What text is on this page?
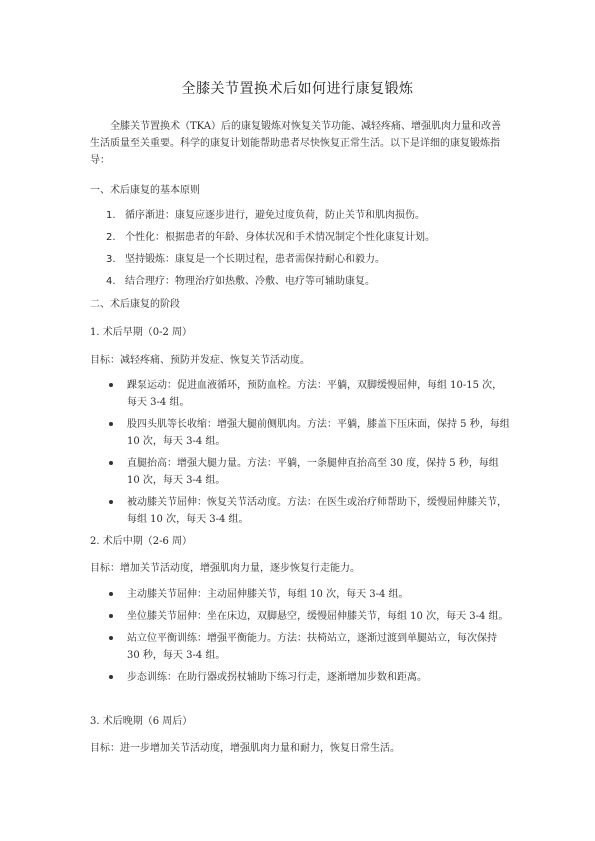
全膝关节置换术后如何进行康复锻炼
全膝关节置换术（TKA）后的康复锻炼对恢复关节功能、减轻疼痛、增强肌肉力量和改善生活质量至关重要。科学的康复计划能帮助患者尽快恢复正常生活。以下是详细的康复锻炼指导：
一、术后康复的基本原则
1. 循序渐进：康复应逐步进行，避免过度负荷，防止关节和肌肉损伤。
2. 个性化：根据患者的年龄、身体状况和手术情况制定个性化康复计划。
3. 坚持锻炼：康复是一个长期过程，患者需保持耐心和毅力。
4. 结合理疗：物理治疗如热敷、冷敷、电疗等可辅助康复。
二、术后康复的阶段
1. 术后早期（0-2 周）
目标：减轻疼痛、预防并发症、恢复关节活动度。
踝泵运动：促进血液循环，预防血栓。方法：平躺，双脚缓慢屈伸，每组 10-15 次，每天 3-4 组。
股四头肌等长收缩：增强大腿前侧肌肉。方法：平躺，膝盖下压床面，保持 5 秒，每组 10 次，每天 3-4 组。
直腿抬高：增强大腿力量。方法：平躺，一条腿伸直抬高至 30 度，保持 5 秒，每组 10 次，每天 3-4 组。
被动膝关节屈伸：恢复关节活动度。方法：在医生或治疗师帮助下，缓慢屈伸膝关节，每组 10 次，每天 3-4 组。
2. 术后中期（2-6 周）
目标：增加关节活动度，增强肌肉力量，逐步恢复行走能力。
主动膝关节屈伸：主动屈伸膝关节，每组 10 次，每天 3-4 组。
坐位膝关节屈伸：坐在床边，双脚悬空，缓慢屈伸膝关节，每组 10 次，每天 3-4 组。
站立位平衡训练：增强平衡能力。方法：扶椅站立，逐渐过渡到单腿站立，每次保持 30 秒，每天 3-4 组。
步态训练：在助行器或拐杖辅助下练习行走，逐渐增加步数和距离。
3. 术后晚期（6 周后）
目标：进一步增加关节活动度，增强肌肉力量和耐力，恢复日常生活。
